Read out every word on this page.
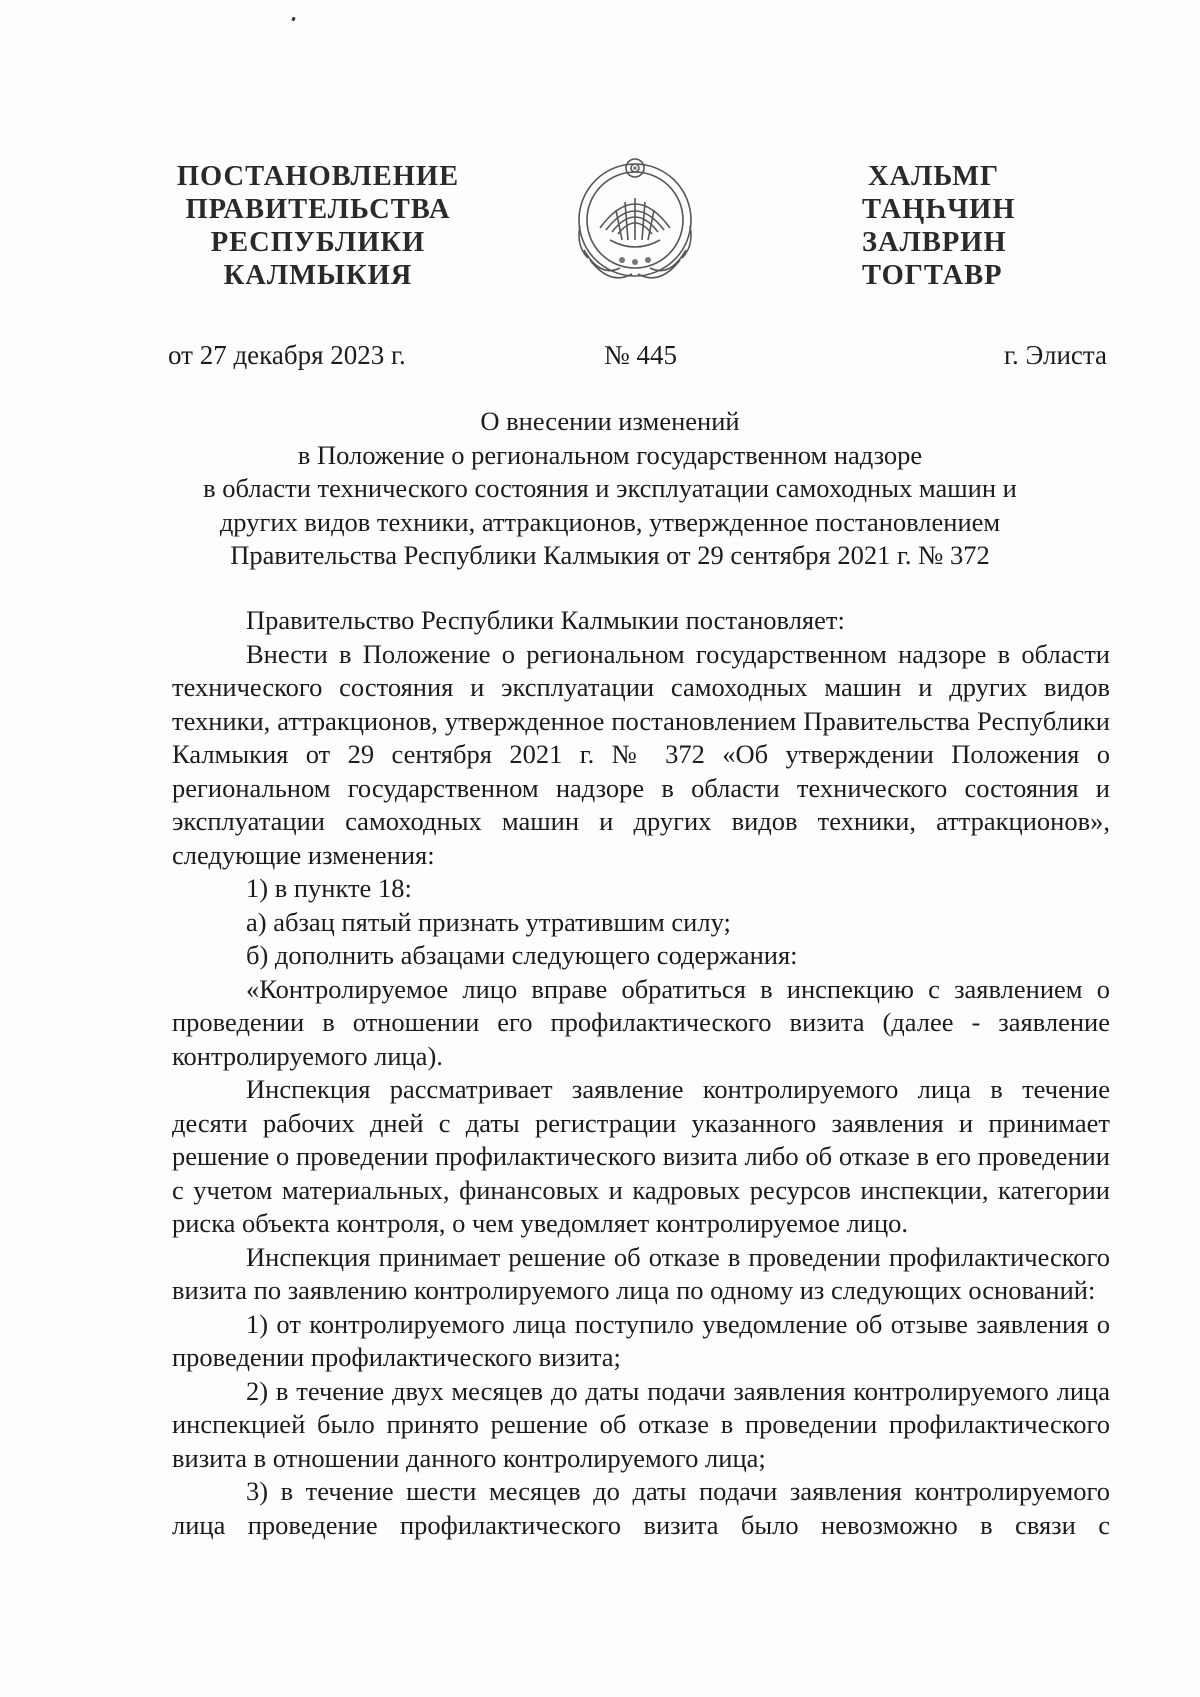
ПОСТАНОВЛЕНИЕ
ПРАВИТЕЛЬСТВА
РЕСПУБЛИКИ
КАЛМЫКИЯ
ХАЛЬМГ
ТАҢҺЧИН
ЗАЛВРИН
ТОГТАВР
от 27 декабря 2023 г.	№ 445	г. Элиста
О внесении изменений
в Положение о региональном государственном надзоре
в области технического состояния и эксплуатации самоходных машин и
других видов техники, аттракционов, утвержденное постановлением
Правительства Республики Калмыкия от 29 сентября 2021 г. № 372

Правительство Республики Калмыкии постановляет:

Внести в Положение о региональном государственном надзоре в области технического состояния и эксплуатации самоходных машин и других видов техники, аттракционов, утвержденное постановлением Правительства Республики Калмыкия от 29 сентября 2021 г. № 372 «Об утверждении Положения о региональном государственном надзоре в области технического состояния и эксплуатации самоходных машин и других видов техники, аттракционов», следующие изменения:

1) в пункте 18:

а) абзац пятый признать утратившим силу;

б) дополнить абзацами следующего содержания:

«Контролируемое лицо вправе обратиться в инспекцию с заявлением о проведении в отношении его профилактического визита (далее - заявление контролируемого лица).

Инспекция рассматривает заявление контролируемого лица в течение десяти рабочих дней с даты регистрации указанного заявления и принимает решение о проведении профилактического визита либо об отказе в его проведении с учетом материальных, финансовых и кадровых ресурсов инспекции, категории риска объекта контроля, о чем уведомляет контролируемое лицо.

Инспекция принимает решение об отказе в проведении профилактического визита по заявлению контролируемого лица по одному из следующих оснований:

1) от контролируемого лица поступило уведомление об отзыве заявления о проведении профилактического визита;

2) в течение двух месяцев до даты подачи заявления контролируемого лица инспекцией было принято решение об отказе в проведении профилактического визита в отношении данного контролируемого лица;

3) в течение шести месяцев до даты подачи заявления контролируемого лица проведение профилактического визита было невозможно в связи с
